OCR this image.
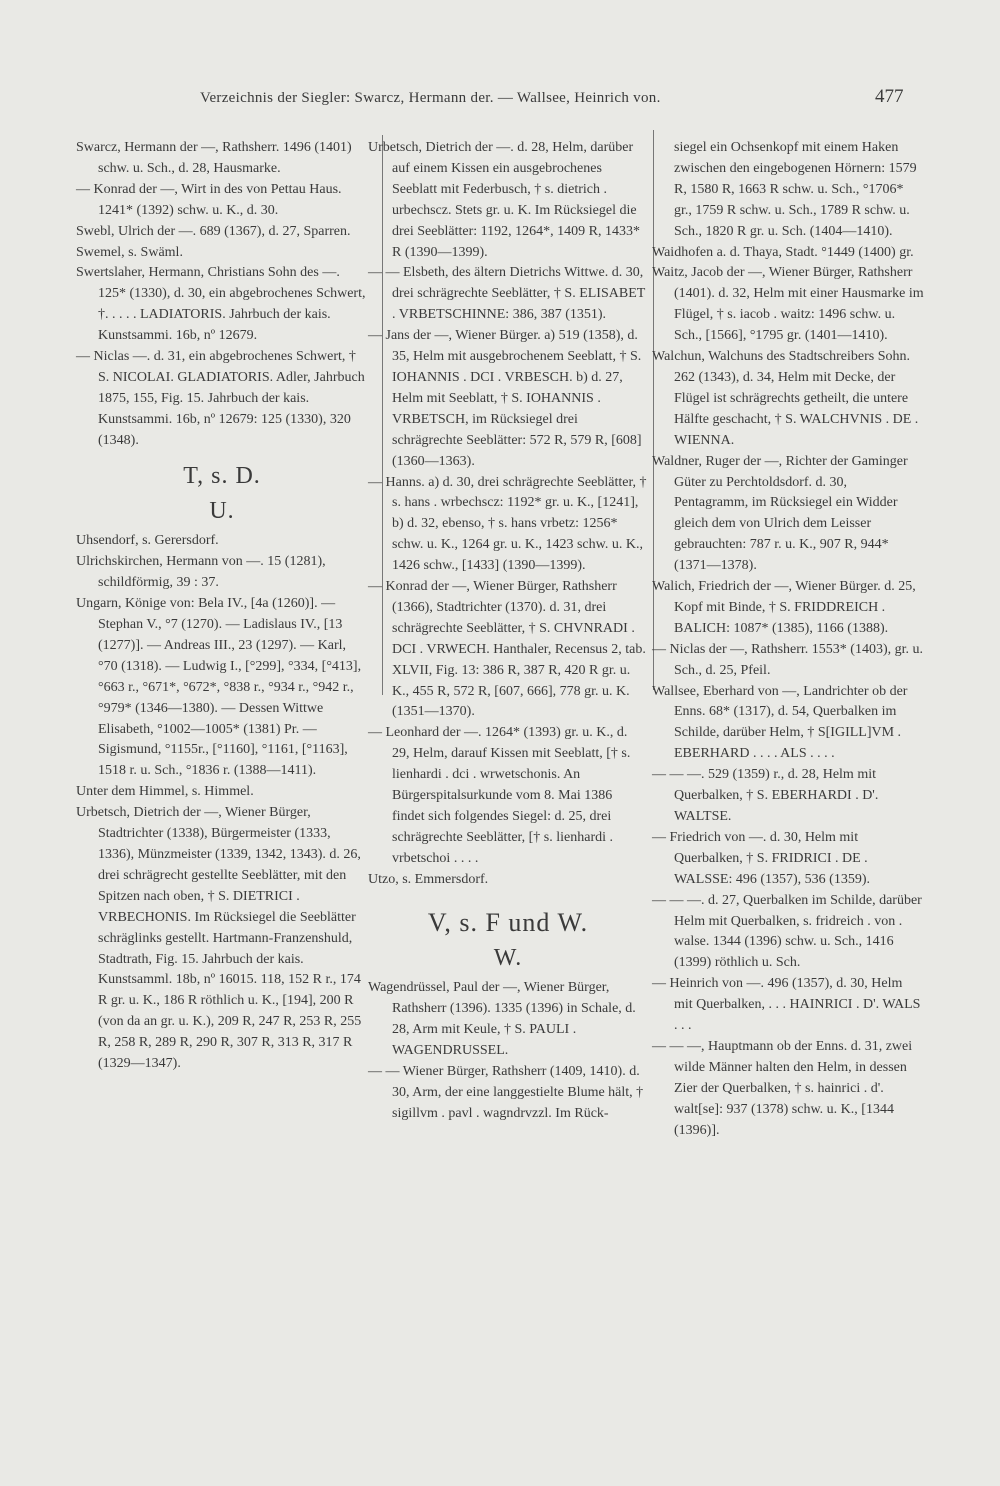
Verzeichnis der Siegler: Swarcz, Hermann der. — Wallsee, Heinrich von.	477

Swarcz, Hermann der —, Rathsherr. 1496 (1401) schw. u. Sch., d. 28, Hausmarke.

— Konrad der —, Wirt in des von Pettau Haus. 1241* (1392) schw. u. K., d. 30.

Swebl, Ulrich der —. 689 (1367), d. 27, Sparren.

Swemel, s. Swäml.

Swertslaher, Hermann, Christians Sohn des —. 125* (1330), d. 30, ein abgebrochenes Schwert, †. . . . . LADIATORIS. Jahrbuch der kais. Kunstsammi. 16b, nº 12679.

— Niclas —. d. 31, ein abgebrochenes Schwert, † S. NICOLAI. GLADIATORIS. Adler, Jahrbuch 1875, 155, Fig. 15. Jahrbuch der kais. Kunstsammi. 16b, nº 12679: 125 (1330), 320 (1348).

T, s. D.
U.

Uhsendorf, s. Gerersdorf.

Ulrichskirchen, Hermann von —. 15 (1281), schildförmig, 39 : 37.

Ungarn, Könige von: Bela IV., [4a (1260)]. — Stephan V., °7 (1270). — Ladislaus IV., [13 (1277)]. — Andreas III., 23 (1297). — Karl, °70 (1318). — Ludwig I., [°299], °334, [°413], °663 r., °671*, °672*, °838 r., °934 r., °942 r., °979* (1346—1380). — Dessen Wittwe Elisabeth, °1002—1005* (1381) Pr. — Sigismund, °1155r., [°1160], °1161, [°1163], 1518 r. u. Sch., °1836 r. (1388—1411).

Unter dem Himmel, s. Himmel.

Urbetsch, Dietrich der —, Wiener Bürger, Stadtrichter (1338), Bürgermeister (1333, 1336), Münzmeister (1339, 1342, 1343). d. 26, drei schrägrecht gestellte Seeblätter, mit den Spitzen nach oben, † S. DIETRICI . VRBECHONIS. Im Rücksiegel die Seeblätter schräglinks gestellt. Hartmann-Franzenshuld, Stadtrath, Fig. 15. Jahrbuch der kais. Kunstsamml. 18b, nº 16015. 118, 152 R r., 174 R gr. u. K., 186 R röthlich u. K., [194], 200 R (von da an gr. u. K.), 209 R, 247 R, 253 R, 255 R, 258 R, 289 R, 290 R, 307 R, 313 R, 317 R (1329—1347).

Urbetsch, Dietrich der —. d. 28, Helm, darüber auf einem Kissen ein ausgebrochenes Seeblatt mit Federbusch, † s. dietrich . urbechscz. Stets gr. u. K. Im Rücksiegel die drei Seeblätter: 1192, 1264*, 1409 R, 1433* R (1390—1399).

— — Elsbeth, des ältern Dietrichs Wittwe. d. 30, drei schrägrechte Seeblätter, † S. ELISABET . VRBETSCHINNE: 386, 387 (1351).

— Jans der —, Wiener Bürger. a) 519 (1358), d. 35, Helm mit ausgebrochenem Seeblatt, † S. IOHANNIS . DCI . VRBESCH. b) d. 27, Helm mit Seeblatt, † S. IOHANNIS . VRBETSCH, im Rücksiegel drei schrägrechte Seeblätter: 572 R, 579 R, [608] (1360—1363).

— Hanns. a) d. 30, drei schrägrechte Seeblätter, † s. hans . wrbechscz: 1192* gr. u. K., [1241], b) d. 32, ebenso, † s. hans vrbetz: 1256* schw. u. K., 1264 gr. u. K., 1423 schw. u. K., 1426 schw., [1433] (1390—1399).

— Konrad der —, Wiener Bürger, Rathsherr (1366), Stadtrichter (1370). d. 31, drei schrägrechte Seeblätter, † S. CHVNRADI . DCI . VRWECH. Hanthaler, Recensus 2, tab. XLVII, Fig. 13: 386 R, 387 R, 420 R gr. u. K., 455 R, 572 R, [607, 666], 778 gr. u. K. (1351—1370).

— Leonhard der —. 1264* (1393) gr. u. K., d. 29, Helm, darauf Kissen mit Seeblatt, [† s. lienhardi . dci . wrwetschonis. An Bürgerspitalsurkunde vom 8. Mai 1386 findet sich folgendes Siegel: d. 25, drei schrägrechte Seeblätter, [† s. lienhardi . vrbetschoi . . . .

Utzo, s. Emmersdorf.

V, s. F und W.
W.

Wagendrüssel, Paul der —, Wiener Bürger, Rathsherr (1396). 1335 (1396) in Schale, d. 28, Arm mit Keule, † S. PAULI . WAGENDRUSSEL.

— — Wiener Bürger, Rathsherr (1409, 1410). d. 30, Arm, der eine langgestielte Blume hält, † sigillvm . pavl . wagndrvzzl. Im Rück-

siegel ein Ochsenkopf mit einem Haken zwischen den eingebogenen Hörnern: 1579 R, 1580 R, 1663 R schw. u. Sch., °1706* gr., 1759 R schw. u. Sch., 1789 R schw. u. Sch., 1820 R gr. u. Sch. (1404—1410).

Waidhofen a. d. Thaya, Stadt. °1449 (1400) gr.

Waitz, Jacob der —, Wiener Bürger, Rathsherr (1401). d. 32, Helm mit einer Hausmarke im Flügel, † s. iacob . waitz: 1496 schw. u. Sch., [1566], °1795 gr. (1401—1410).

Walchun, Walchuns des Stadtschreibers Sohn. 262 (1343), d. 34, Helm mit Decke, der Flügel ist schrägrechts getheilt, die untere Hälfte geschacht, † S. WALCHVNIS . DE . WIENNA.

Waldner, Ruger der —, Richter der Gaminger Güter zu Perchtoldsdorf. d. 30, Pentagramm, im Rücksiegel ein Widder gleich dem von Ulrich dem Leisser gebrauchten: 787 r. u. K., 907 R, 944* (1371—1378).

Walich, Friedrich der —, Wiener Bürger. d. 25, Kopf mit Binde, † S. FRIDDREICH . BALICH: 1087* (1385), 1166 (1388).

— Niclas der —, Rathsherr. 1553* (1403), gr. u. Sch., d. 25, Pfeil.

Wallsee, Eberhard von —, Landrichter ob der Enns. 68* (1317), d. 54, Querbalken im Schilde, darüber Helm, † S[IGILL]VM . EBERHARD . . . . ALS . . . .

— — —. 529 (1359) r., d. 28, Helm mit Querbalken, † S. EBERHARDI . D'. WALTSE.

— Friedrich von —. d. 30, Helm mit Querbalken, † S. FRIDRICI . DE . WALSSE: 496 (1357), 536 (1359).

— — —. d. 27, Querbalken im Schilde, darüber Helm mit Querbalken, s. fridreich . von . walse. 1344 (1396) schw. u. Sch., 1416 (1399) röthlich u. Sch.

— Heinrich von —. 496 (1357), d. 30, Helm mit Querbalken, . . . HAINRICI . D'. WALS . . .

— — —, Hauptmann ob der Enns. d. 31, zwei wilde Männer halten den Helm, in dessen Zier der Querbalken, † s. hainrici . d'. walt[se]: 937 (1378) schw. u. K., [1344 (1396)].
